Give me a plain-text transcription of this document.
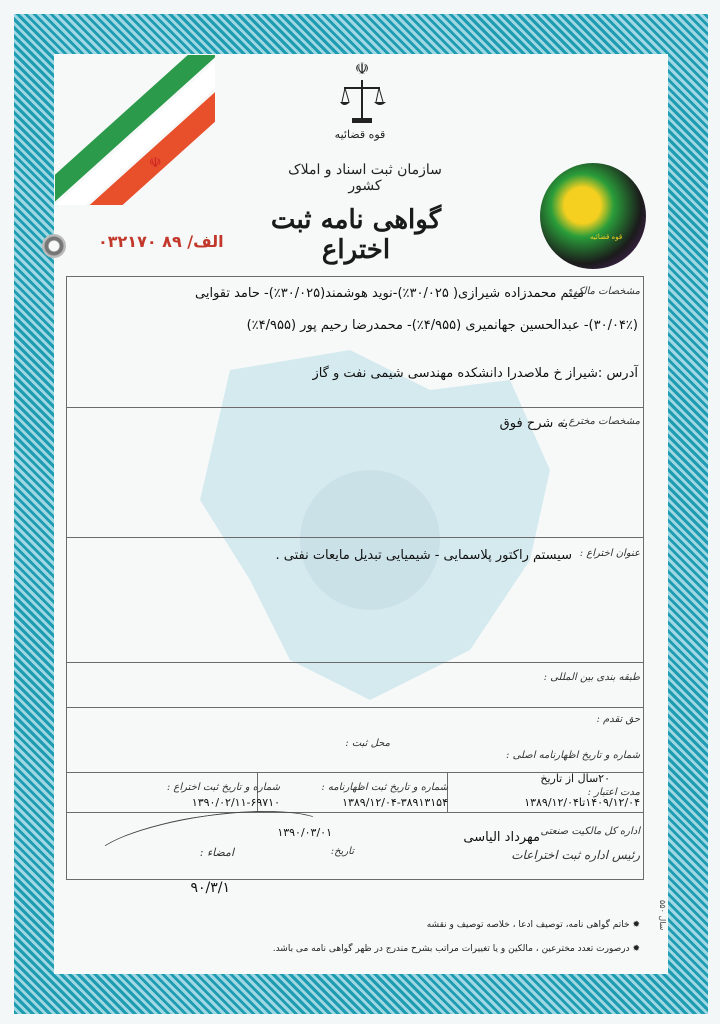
☫
☫
قوه قضائیه
سازمان ثبت اسناد و املاک کشور
گواهی نامه ثبت اختراع
الف/ ۸۹ ۰۳۲۱۷۰	قوه قضائیه
مشخصات مالک :
میثم محمدزاده شیرازی( ۳۰/۰۲۵٪)-نوید هوشمند(۳۰/۰۲۵٪)- حامد تقوایی
(۳۰/۰۴٪)- عبدالحسین جهانمیری (۴/۹۵۵٪)- محمدرضا رحیم پور (۴/۹۵۵٪)
آدرس :شیراز خ ملاصدرا دانشکده مهندسی شیمی نفت و گاز
مشخصات مخترع :
به شرح فوق
عنوان اختراع :
سیستم راکتور پلاسمایی - شیمیایی تبدیل مایعات نفتی .
طبقه بندی بین المللی :
حق تقدم :
شماره و تاریخ اظهارنامه اصلی :
محل ثبت :
مدت اعتبار :
۲۰سال از تاریخ
۱۴۰۹/۱۲/۰۴تا۱۳۸۹/۱۲/۰۴
شماره و تاریخ ثبت اظهارنامه :
۱۳۸۹/۱۲/۰۴-۳۸۹۱۳۱۵۴
شماره و تاریخ ثبت اختراع :
۱۳۹۰/۰۲/۱۱-۶۹۷۱۰
اداره کل مالکیت صنعتی
رئیس اداره ثبت اختراعات
مهرداد الیاسی
تاریخ:
۱۳۹۰/۰۳/۰۱
امضاء :
۹۰/۳/۱
✹ خاتم گواهی نامه، توصیف ادعا ، خلاصه توصیف و نقشه
✹ درصورت تعدد مخترعین ، مالکین و یا تغییرات مراتب بشرح مندرج در ظهر گواهی نامه می باشد.
سال ۵۵۰
